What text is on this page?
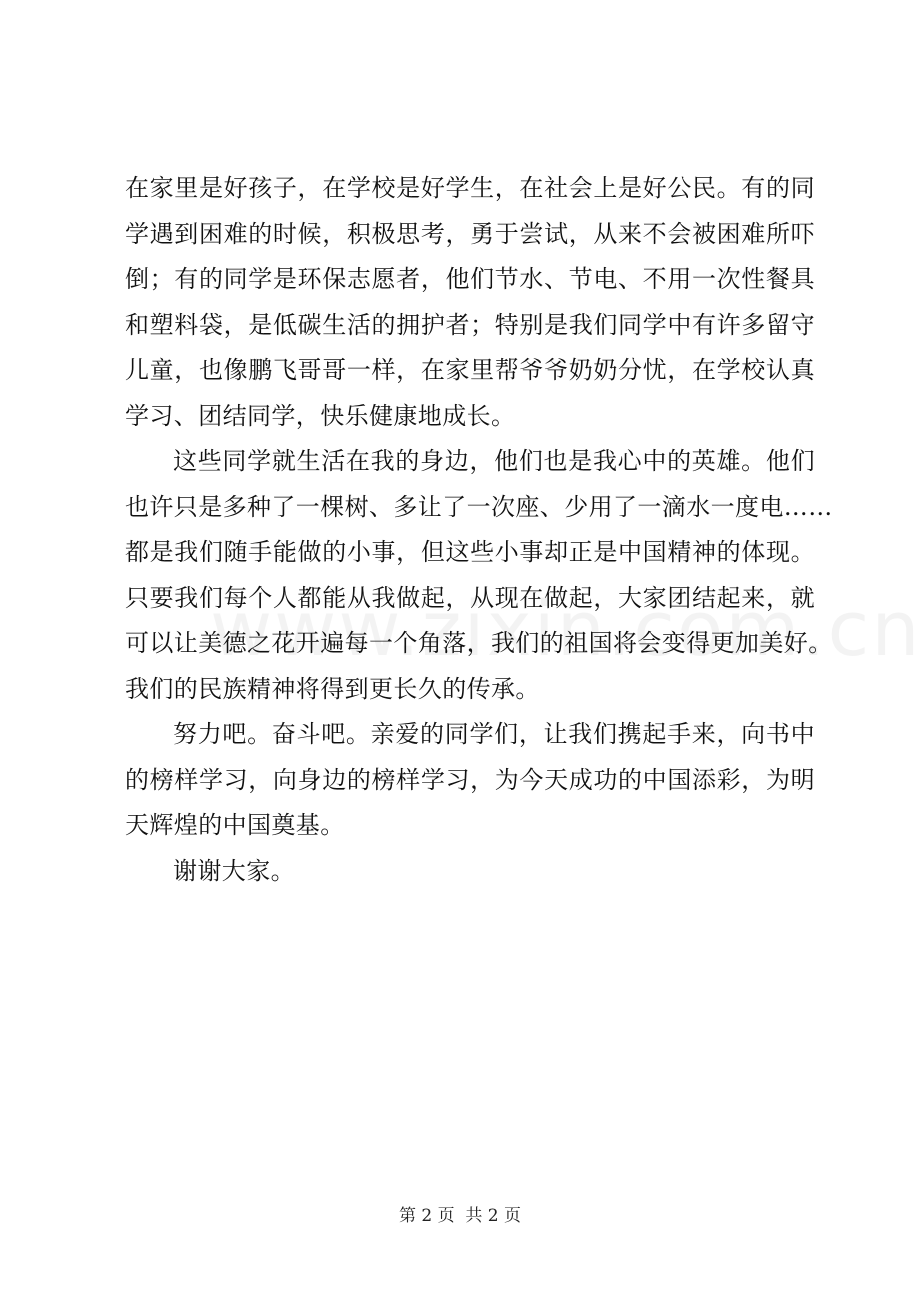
在家里是好孩子，在学校是好学生，在社会上是好公民。有的同
学遇到困难的时候，积极思考，勇于尝试，从来不会被困难所吓
倒；有的同学是环保志愿者，他们节水、节电、不用一次性餐具
和塑料袋，是低碳生活的拥护者；特别是我们同学中有许多留守
儿童，也像鹏飞哥哥一样，在家里帮爷爷奶奶分忧，在学校认真
学习、团结同学，快乐健康地成长。
这些同学就生活在我的身边，他们也是我心中的英雄。他们
也许只是多种了一棵树、多让了一次座、少用了一滴水一度电……
都是我们随手能做的小事，但这些小事却正是中国精神的体现。
只要我们每个人都能从我做起，从现在做起，大家团结起来，就
可以让美德之花开遍每一个角落，我们的祖国将会变得更加美好。
我们的民族精神将得到更长久的传承。
努力吧。奋斗吧。亲爱的同学们，让我们携起手来，向书中
的榜样学习，向身边的榜样学习，为今天成功的中国添彩，为明
天辉煌的中国奠基。
谢谢大家。
第 2 页  共 2 页
